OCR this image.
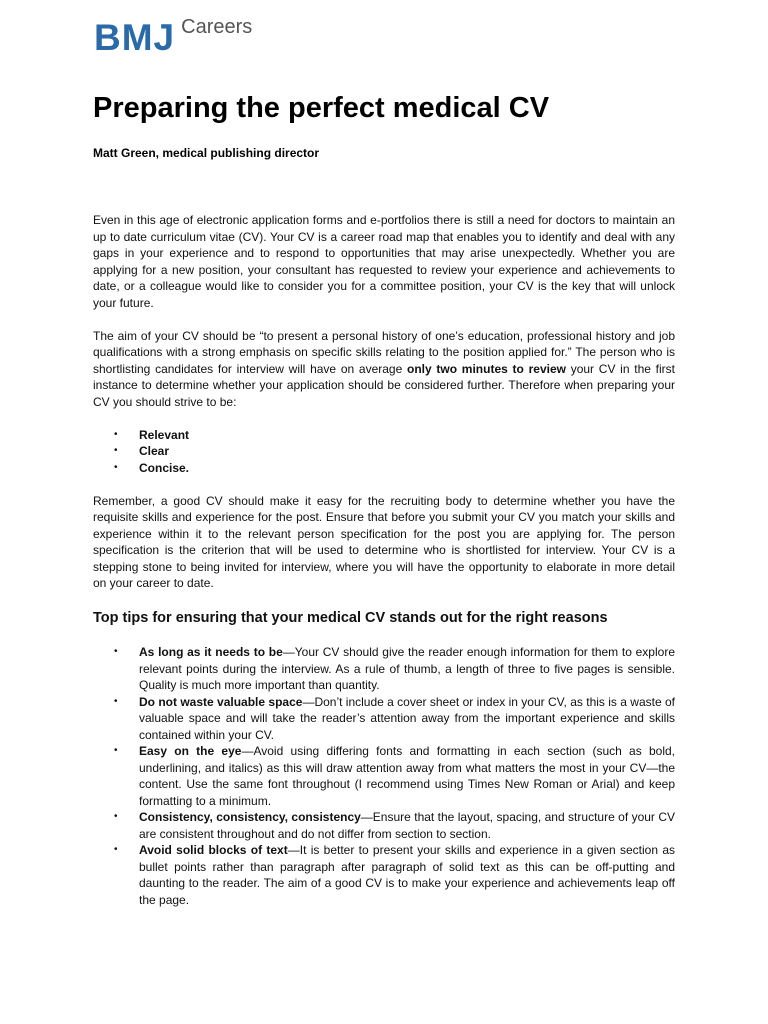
BMJ Careers
Preparing the perfect medical CV

Matt Green, medical publishing director

Even in this age of electronic application forms and e-portfolios there is still a need for doctors to maintain an up to date curriculum vitae (CV). Your CV is a career road map that enables you to identify and deal with any gaps in your experience and to respond to opportunities that may arise unexpectedly. Whether you are applying for a new position, your consultant has requested to review your experience and achievements to date, or a colleague would like to consider you for a committee position, your CV is the key that will unlock your future.

The aim of your CV should be “to present a personal history of one’s education, professional history and job qualifications with a strong emphasis on specific skills relating to the position applied for.” The person who is shortlisting candidates for interview will have on average only two minutes to review your CV in the first instance to determine whether your application should be considered further. Therefore when preparing your CV you should strive to be:

• Relevant
• Clear
• Concise.

Remember, a good CV should make it easy for the recruiting body to determine whether you have the requisite skills and experience for the post. Ensure that before you submit your CV you match your skills and experience within it to the relevant person specification for the post you are applying for. The person specification is the criterion that will be used to determine who is shortlisted for interview. Your CV is a stepping stone to being invited for interview, where you will have the opportunity to elaborate in more detail on your career to date.

Top tips for ensuring that your medical CV stands out for the right reasons
• As long as it needs to be—Your CV should give the reader enough information for them to explore relevant points during the interview. As a rule of thumb, a length of three to five pages is sensible. Quality is much more important than quantity.
• Do not waste valuable space—Don’t include a cover sheet or index in your CV, as this is a waste of valuable space and will take the reader’s attention away from the important experience and skills contained within your CV.
• Easy on the eye—Avoid using differing fonts and formatting in each section (such as bold, underlining, and italics) as this will draw attention away from what matters the most in your CV—the content. Use the same font throughout (I recommend using Times New Roman or Arial) and keep formatting to a minimum.
• Consistency, consistency, consistency—Ensure that the layout, spacing, and structure of your CV are consistent throughout and do not differ from section to section.
• Avoid solid blocks of text—It is better to present your skills and experience in a given section as bullet points rather than paragraph after paragraph of solid text as this can be off-putting and daunting to the reader. The aim of a good CV is to make your experience and achievements leap off the page.
